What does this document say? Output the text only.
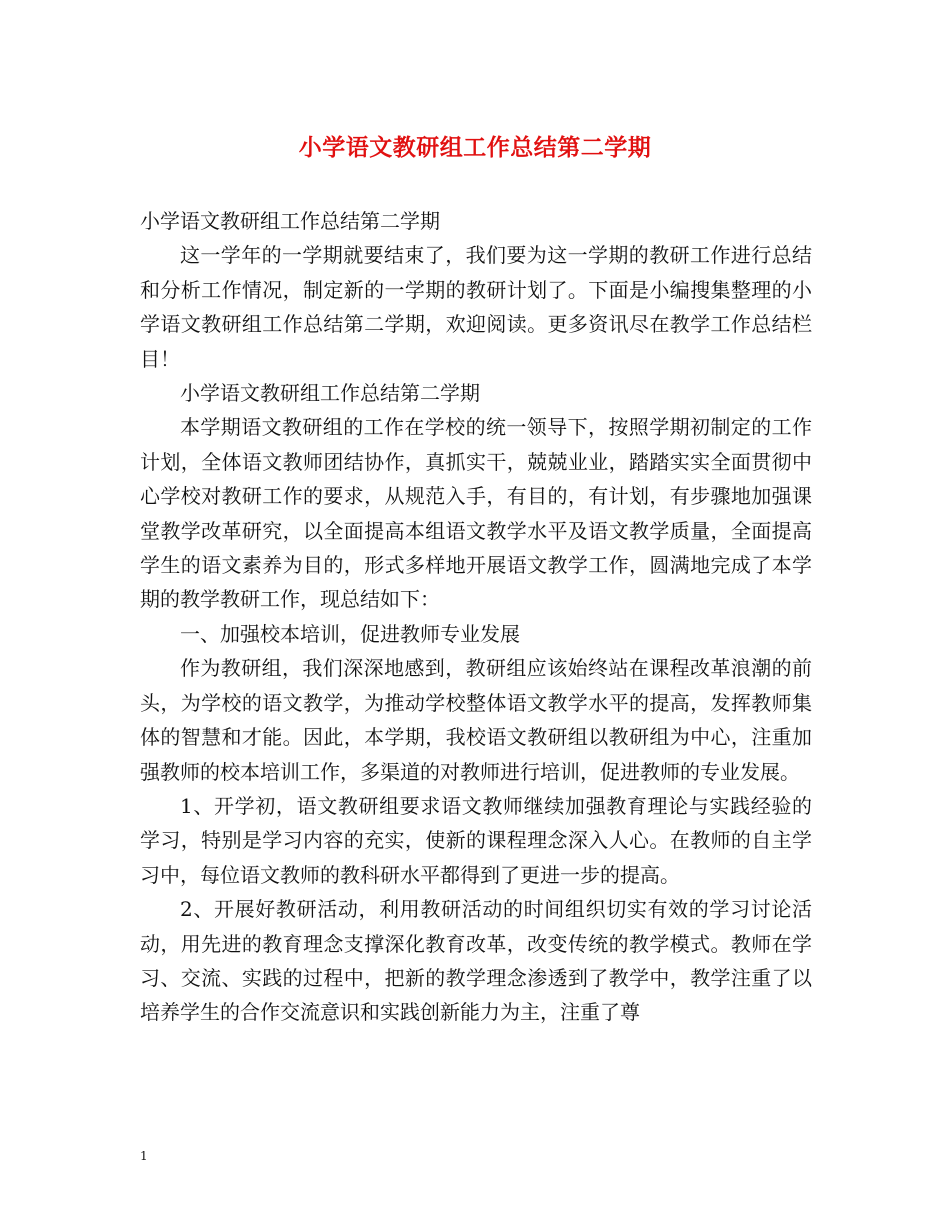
小学语文教研组工作总结第二学期

小学语文教研组工作总结第二学期

这一学年的一学期就要结束了，我们要为这一学期的教研工作进行总结和分析工作情况，制定新的一学期的教研计划了。下面是小编搜集整理的小学语文教研组工作总结第二学期，欢迎阅读。更多资讯尽在教学工作总结栏目！

小学语文教研组工作总结第二学期

本学期语文教研组的工作在学校的统一领导下，按照学期初制定的工作计划，全体语文教师团结协作，真抓实干，兢兢业业，踏踏实实全面贯彻中心学校对教研工作的要求，从规范入手，有目的，有计划，有步骤地加强课堂教学改革研究，以全面提高本组语文教学水平及语文教学质量，全面提高学生的语文素养为目的，形式多样地开展语文教学工作，圆满地完成了本学期的教学教研工作，现总结如下：

一、加强校本培训，促进教师专业发展

作为教研组，我们深深地感到，教研组应该始终站在课程改革浪潮的前头，为学校的语文教学，为推动学校整体语文教学水平的提高，发挥教师集体的智慧和才能。因此，本学期，我校语文教研组以教研组为中心，注重加强教师的校本培训工作，多渠道的对教师进行培训，促进教师的专业发展。

1、开学初，语文教研组要求语文教师继续加强教育理论与实践经验的学习，特别是学习内容的充实，使新的课程理念深入人心。在教师的自主学习中，每位语文教师的教科研水平都得到了更进一步的提高。

2、开展好教研活动，利用教研活动的时间组织切实有效的学习讨论活动，用先进的教育理念支撑深化教育改革，改变传统的教学模式。教师在学习、交流、实践的过程中，把新的教学理念渗透到了教学中，教学注重了以培养学生的合作交流意识和实践创新能力为主，注重了尊

1
